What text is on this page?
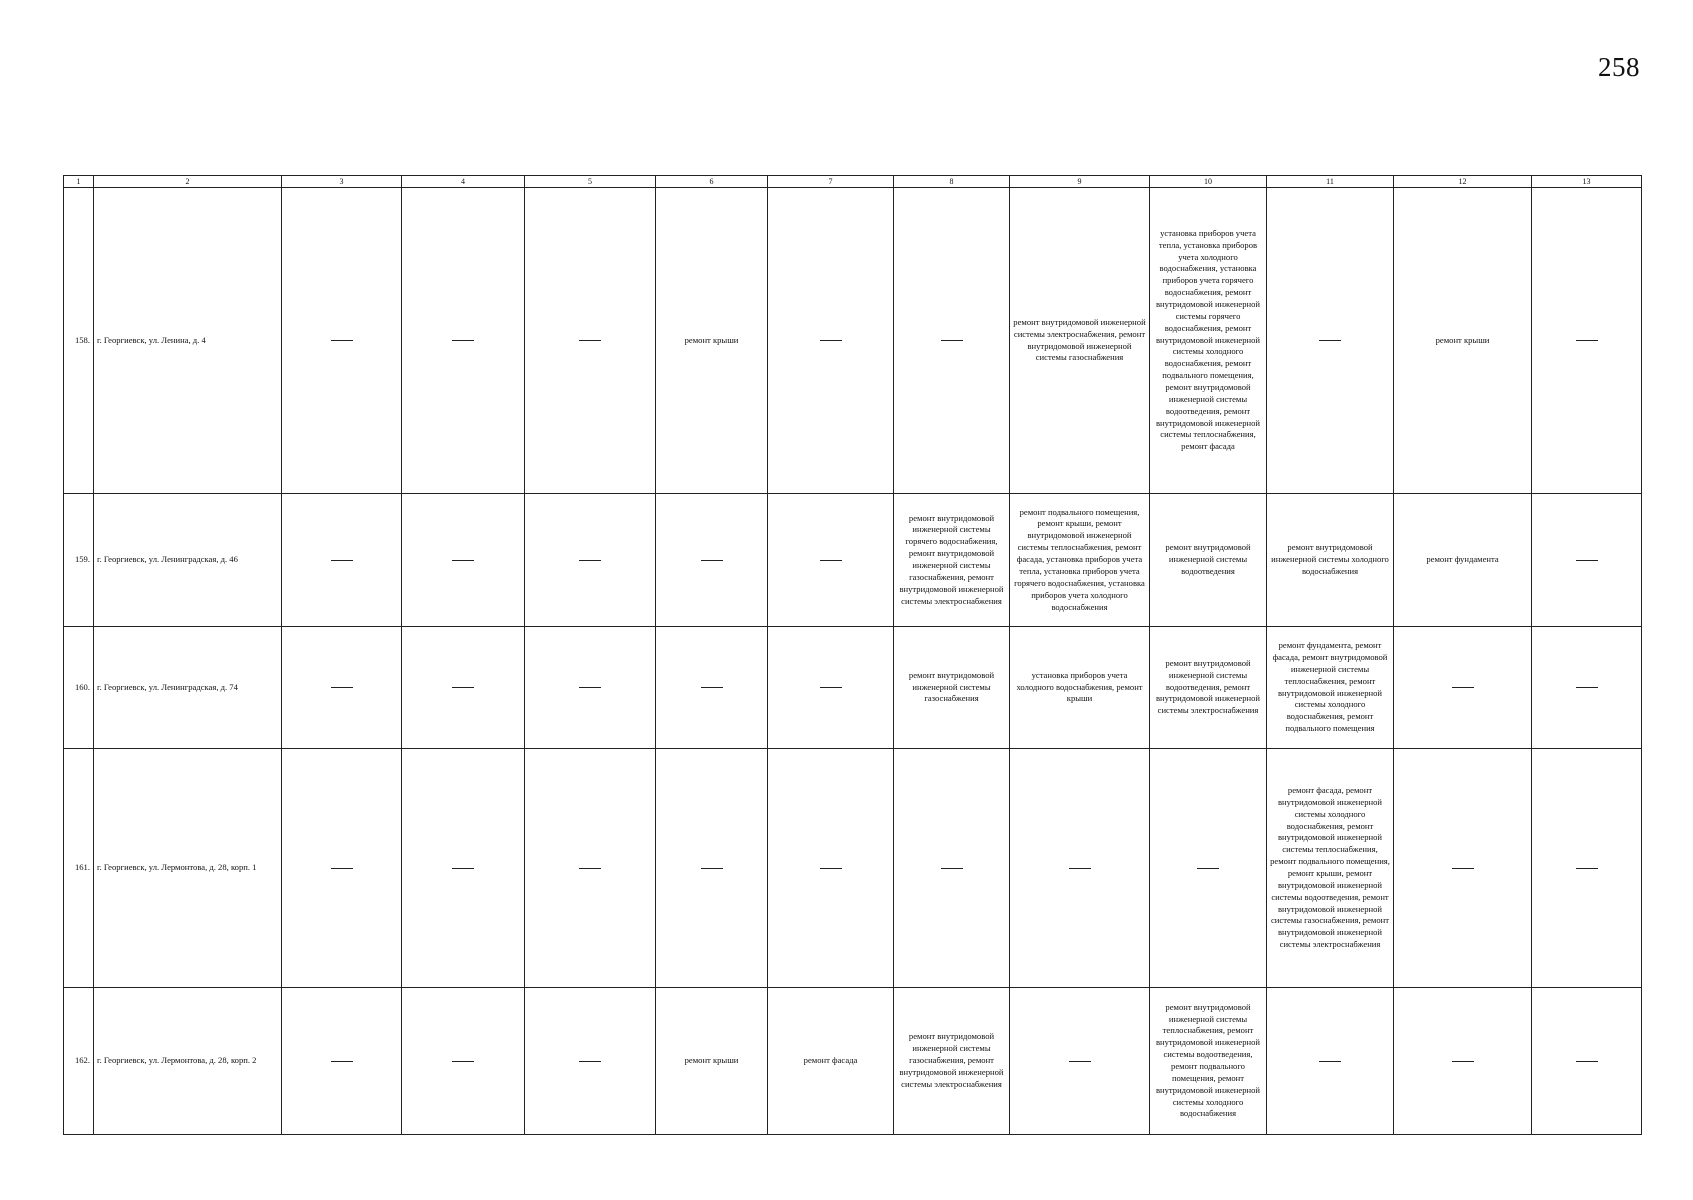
258
1	2	3	4	5	6	7	8	9	10	11	12	13
158.	г. Георгиевск, ул. Ленина, д. 4				ремонт крыши			ремонт внутридомовой инженерной системы электроснабжения, ремонт внутридомовой инженерной системы газоснабжения	установка приборов учета тепла, установка приборов учета холодного водоснабжения, установка приборов учета горячего водоснабжения, ремонт внутридомовой инженерной системы горячего водоснабжения, ремонт внутридомовой инженерной системы холодного водоснабжения, ремонт подвального помещения, ремонт внутридомовой инженерной системы водоотведения, ремонт внутридомовой инженерной системы теплоснабжения, ремонт фасада		ремонт крыши	
159.	г. Георгиевск, ул. Ленинградская, д. 46						ремонт внутридомовой инженерной системы горячего водоснабжения, ремонт внутридомовой инженерной системы газоснабжения, ремонт внутридомовой инженерной системы электроснабжения	ремонт подвального помещения, ремонт крыши, ремонт внутридомовой инженерной системы теплоснабжения, ремонт фасада, установка приборов учета тепла, установка приборов учета горячего водоснабжения, установка приборов учета холодного водоснабжения	ремонт внутридомовой инженерной системы водоотведения	ремонт внутридомовой инженерной системы холодного водоснабжения	ремонт фундамента	
160.	г. Георгиевск, ул. Ленинградская, д. 74						ремонт внутридомовой инженерной системы газоснабжения	установка приборов учета холодного водоснабжения, ремонт крыши	ремонт внутридомовой инженерной системы водоотведения, ремонт внутридомовой инженерной системы электроснабжения	ремонт фундамента, ремонт фасада, ремонт внутридомовой инженерной системы теплоснабжения, ремонт внутридомовой инженерной системы холодного водоснабжения, ремонт подвального помещения		
161.	г. Георгиевск, ул. Лермонтова, д. 28, корп. 1									ремонт фасада, ремонт внутридомовой инженерной системы холодного водоснабжения, ремонт внутридомовой инженерной системы теплоснабжения, ремонт подвального помещения, ремонт крыши, ремонт внутридомовой инженерной системы водоотведения, ремонт внутридомовой инженерной системы газоснабжения, ремонт внутридомовой инженерной системы электроснабжения		
162.	г. Георгиевск, ул. Лермонтова, д. 28, корп. 2				ремонт крыши	ремонт фасада	ремонт внутридомовой инженерной системы газоснабжения, ремонт внутридомовой инженерной системы электроснабжения		ремонт внутридомовой инженерной системы теплоснабжения, ремонт внутридомовой инженерной системы водоотведения, ремонт подвального помещения, ремонт внутридомовой инженерной системы холодного водоснабжения			
